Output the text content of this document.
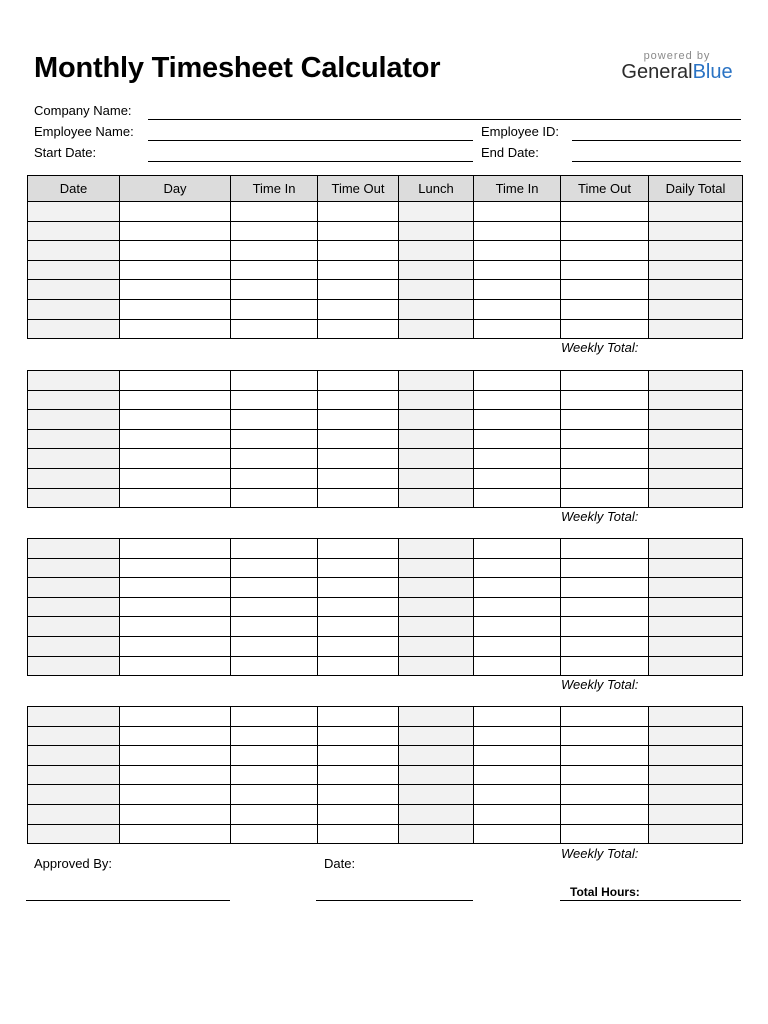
Monthly Timesheet Calculator	powered by
GeneralBlue
Company Name:
Employee Name:	Employee ID:
Start Date:	End Date:
Date	Day	Time In	Time Out	Lunch	Time In	Time Out	Daily Total

Weekly Total:

Weekly Total:

Weekly Total:

Weekly Total:
Approved By:	Date:
Total Hours:
